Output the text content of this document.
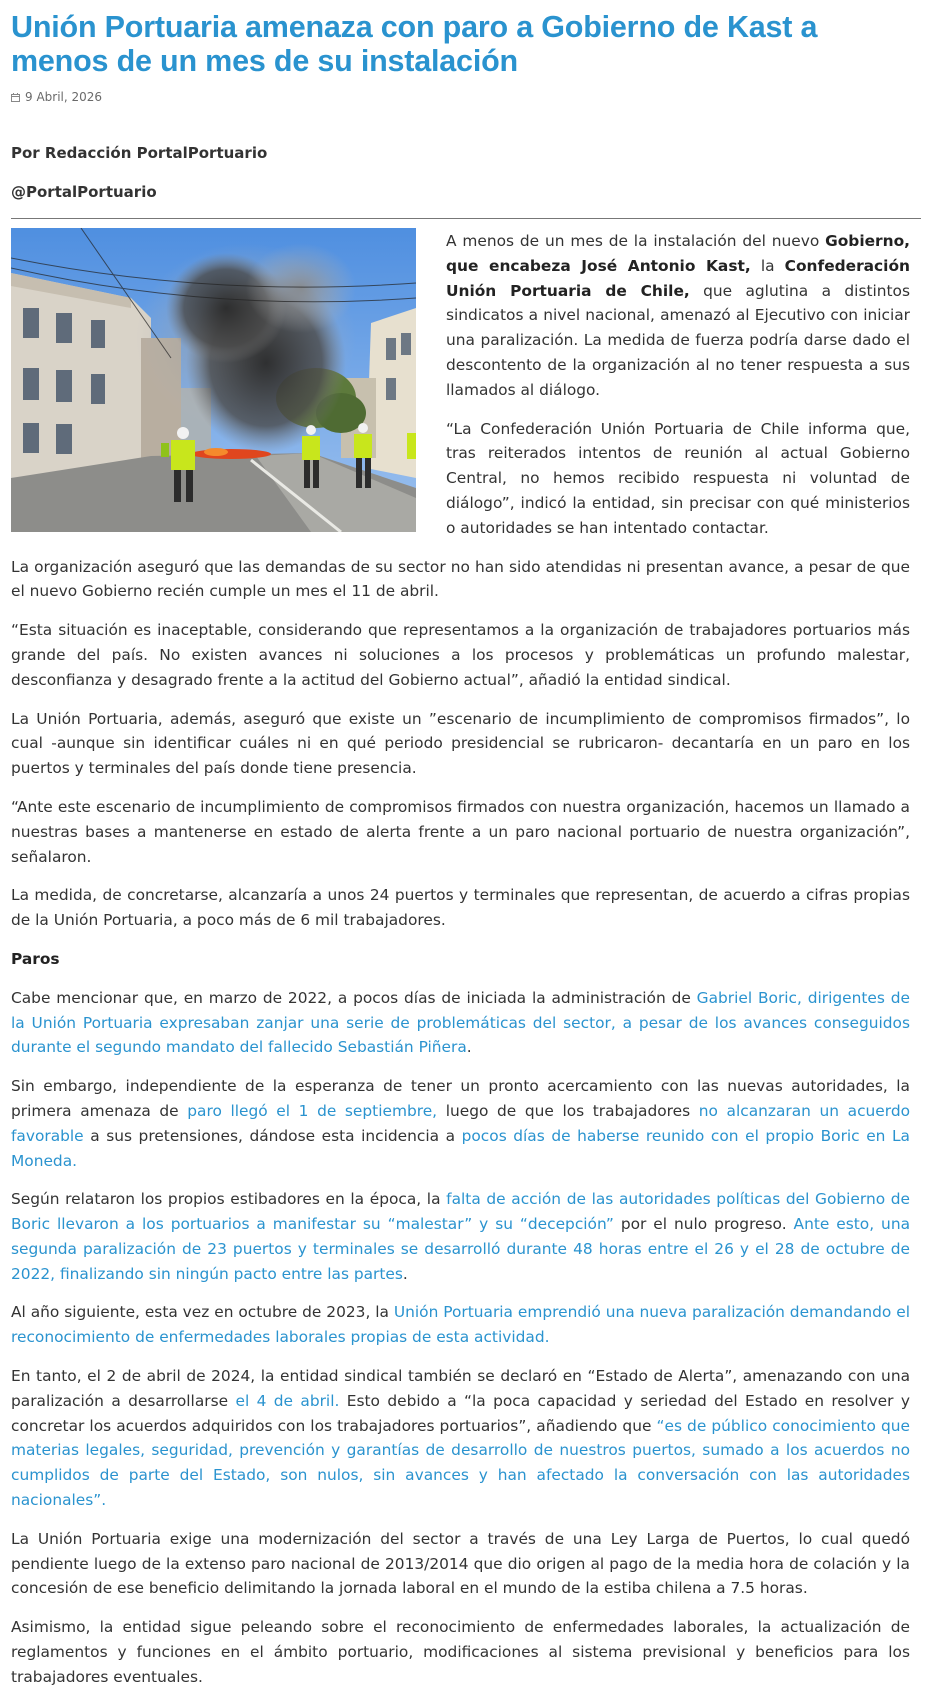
Unión Portuaria amenaza con paro a Gobierno de Kast a menos de un mes de su instalación
9 Abril, 2026

Por Redacción PortalPortuario

@PortalPortuario

A menos de un mes de la instalación del nuevo Gobierno, que encabeza José Antonio Kast, la Confederación Unión Portuaria de Chile, que aglutina a distintos sindicatos a nivel nacional, amenazó al Ejecutivo con iniciar una paralización. La medida de fuerza podría darse dado el descontento de la organización al no tener respuesta a sus llamados al diálogo.

“La Confederación Unión Portuaria de Chile informa que, tras reiterados intentos de reunión al actual Gobierno Central, no hemos recibido respuesta ni voluntad de diálogo”, indicó la entidad, sin precisar con qué ministerios o autoridades se han intentado contactar.

La organización aseguró que las demandas de su sector no han sido atendidas ni presentan avance, a pesar de que el nuevo Gobierno recién cumple un mes el 11 de abril.

“Esta situación es inaceptable, considerando que representamos a la organización de trabajadores portuarios más grande del país. No existen avances ni soluciones a los procesos y problemáticas un profundo malestar, desconfianza y desagrado frente a la actitud del Gobierno actual”, añadió la entidad sindical.

La Unión Portuaria, además, aseguró que existe un ”escenario de incumplimiento de compromisos firmados”, lo cual -aunque sin identificar cuáles ni en qué periodo presidencial se rubricaron- decantaría en un paro en los puertos y terminales del país donde tiene presencia.

“Ante este escenario de incumplimiento de compromisos firmados con nuestra organización, hacemos un llamado a nuestras bases a mantenerse en estado de alerta frente a un paro nacional portuario de nuestra organización”, señalaron.

La medida, de concretarse, alcanzaría a unos 24 puertos y terminales que representan, de acuerdo a cifras propias de la Unión Portuaria, a poco más de 6 mil trabajadores.

Paros

Cabe mencionar que, en marzo de 2022, a pocos días de iniciada la administración de Gabriel Boric, dirigentes de la Unión Portuaria expresaban zanjar una serie de problemáticas del sector, a pesar de los avances conseguidos durante el segundo mandato del fallecido Sebastián Piñera.

Sin embargo, independiente de la esperanza de tener un pronto acercamiento con las nuevas autoridades, la primera amenaza de paro llegó el 1 de septiembre, luego de que los trabajadores no alcanzaran un acuerdo favorable a sus pretensiones, dándose esta incidencia a pocos días de haberse reunido con el propio Boric en La Moneda.

Según relataron los propios estibadores en la época, la falta de acción de las autoridades políticas del Gobierno de Boric llevaron a los portuarios a manifestar su “malestar” y su “decepción” por el nulo progreso. Ante esto, una segunda paralización de 23 puertos y terminales se desarrolló durante 48 horas entre el 26 y el 28 de octubre de 2022, finalizando sin ningún pacto entre las partes.

Al año siguiente, esta vez en octubre de 2023, la Unión Portuaria emprendió una nueva paralización demandando el reconocimiento de enfermedades laborales propias de esta actividad.

En tanto, el 2 de abril de 2024, la entidad sindical también se declaró en “Estado de Alerta”, amenazando con una paralización a desarrollarse el 4 de abril. Esto debido a “la poca capacidad y seriedad del Estado en resolver y concretar los acuerdos adquiridos con los trabajadores portuarios”, añadiendo que “es de público conocimiento que materias legales, seguridad, prevención y garantías de desarrollo de nuestros puertos, sumado a los acuerdos no cumplidos de parte del Estado, son nulos, sin avances y han afectado la conversación con las autoridades nacionales”.

La Unión Portuaria exige una modernización del sector a través de una Ley Larga de Puertos, lo cual quedó pendiente luego de la extenso paro nacional de 2013/2014 que dio origen al pago de la media hora de colación y la concesión de ese beneficio delimitando la jornada laboral en el mundo de la estiba chilena a 7.5 horas.

Asimismo, la entidad sigue peleando sobre el reconocimiento de enfermedades laborales, la actualización de reglamentos y funciones en el ámbito portuario, modificaciones al sistema previsional y beneficios para los trabajadores eventuales.
